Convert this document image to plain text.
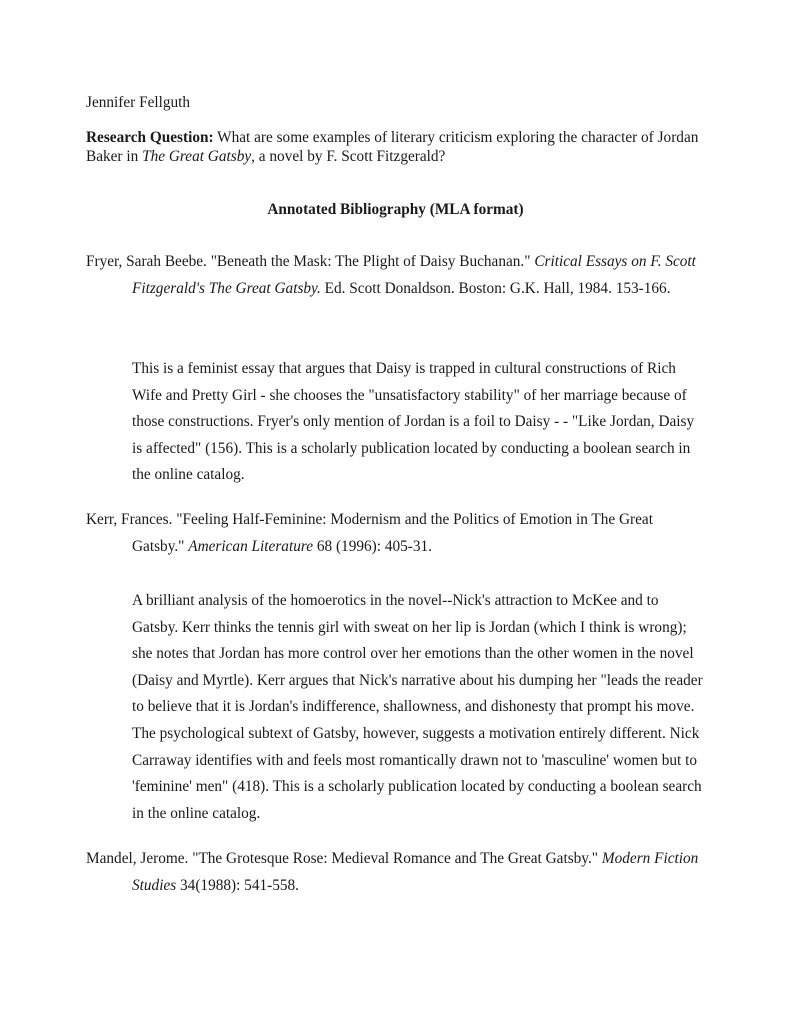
Jennifer Fellguth
Research Question: What are some examples of literary criticism exploring the character of Jordan Baker in The Great Gatsby, a novel by F. Scott Fitzgerald?
Annotated Bibliography (MLA format)
Fryer, Sarah Beebe. "Beneath the Mask: The Plight of Daisy Buchanan." Critical Essays on F. Scott Fitzgerald's The Great Gatsby. Ed. Scott Donaldson. Boston: G.K. Hall, 1984. 153-166.
This is a feminist essay that argues that Daisy is trapped in cultural constructions of Rich Wife and Pretty Girl - she chooses the "unsatisfactory stability" of her marriage because of those constructions. Fryer's only mention of Jordan is a foil to Daisy - - "Like Jordan, Daisy is affected" (156). This is a scholarly publication located by conducting a boolean search in the online catalog.
Kerr, Frances. "Feeling Half-Feminine: Modernism and the Politics of Emotion in The Great Gatsby." American Literature 68 (1996): 405-31.
A brilliant analysis of the homoerotics in the novel--Nick's attraction to McKee and to Gatsby. Kerr thinks the tennis girl with sweat on her lip is Jordan (which I think is wrong); she notes that Jordan has more control over her emotions than the other women in the novel (Daisy and Myrtle). Kerr argues that Nick's narrative about his dumping her "leads the reader to believe that it is Jordan's indifference, shallowness, and dishonesty that prompt his move. The psychological subtext of Gatsby, however, suggests a motivation entirely different. Nick Carraway identifies with and feels most romantically drawn not to 'masculine' women but to 'feminine' men" (418). This is a scholarly publication located by conducting a boolean search in the online catalog.
Mandel, Jerome. "The Grotesque Rose: Medieval Romance and The Great Gatsby." Modern Fiction Studies 34(1988): 541-558.
